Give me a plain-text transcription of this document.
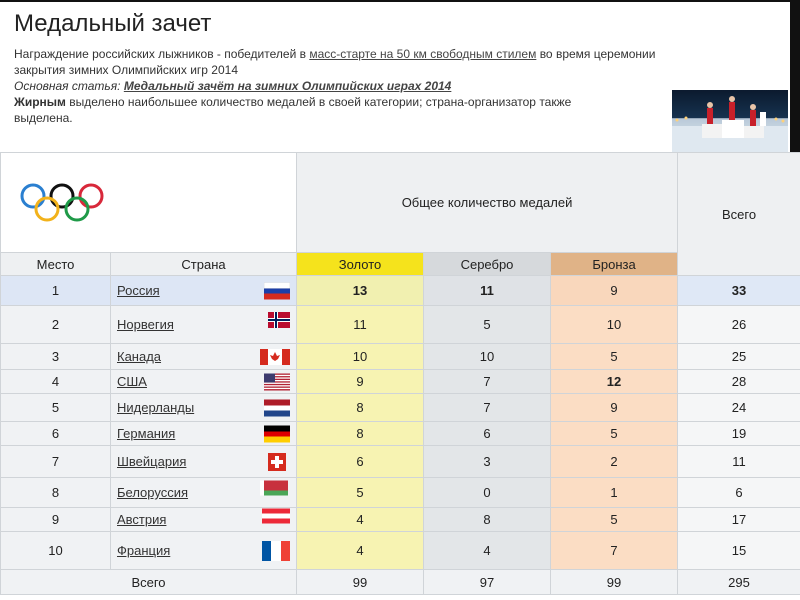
Медальный зачет
Награждение российских лыжников - победителей в масс-старте на 50 км свободным стилем во время церемонии
закрытия зимних Олимпийских игр 2014
Основная статья: Медальный зачёт на зимних Олимпийских играх 2014
Жирным выделено наибольшее количество медалей в своей категории; страна-организатор также
выделена.
	Общее количество медалей			Всего
Место	Страна	Золото	Серебро	Бронза	
1	Россия	13	11	9	33
2	Норвегия	11	5	10	26
3	Канада	10	10	5	25
4	США	9	7	12	28
5	Нидерланды	8	7	9	24
6	Германия	8	6	5	19
7	Швейцария	6	3	2	11
8	Белоруссия	5	0	1	6
9	Австрия	4	8	5	17
10	Франция	4	4	7	15
Всего		99	97	99	295
